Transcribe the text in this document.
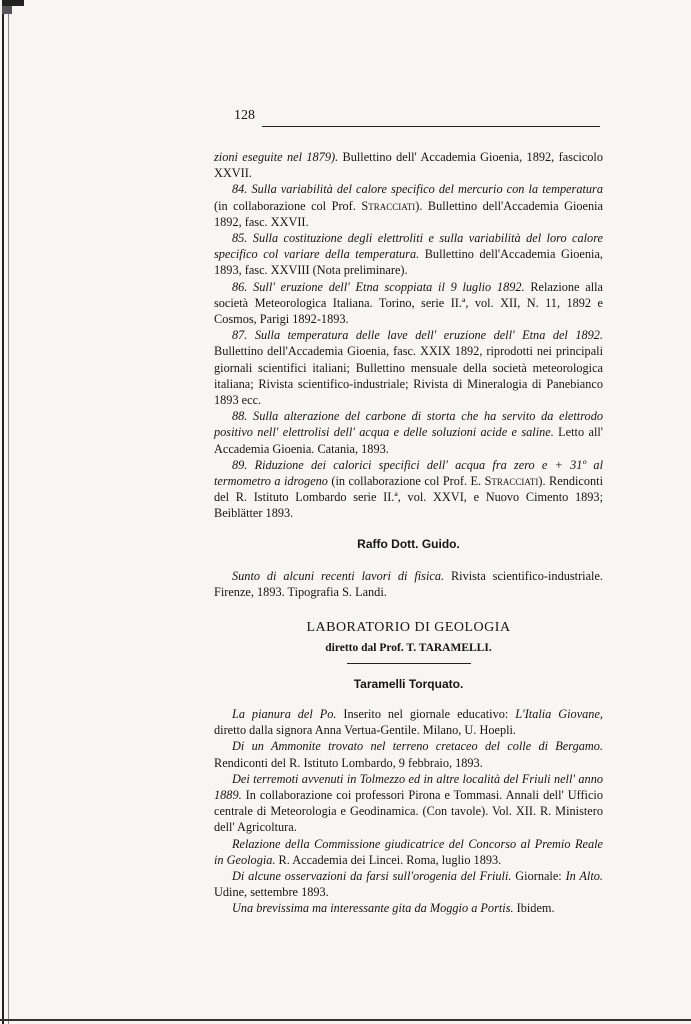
128

zioni eseguite nel 1879). Bullettino dell' Accademia Gioenia, 1892, fascicolo XXVII.

84. Sulla variabilità del calore specifico del mercurio con la temperatura (in collaborazione col Prof. Stracciati). Bullettino dell'Accademia Gioenia 1892, fasc. XXVII.

85. Sulla costituzione degli elettroliti e sulla variabilità del loro calore specifico col variare della temperatura. Bullettino dell'Accademia Gioenia, 1893, fasc. XXVIII (Nota preliminare).

86. Sull' eruzione dell' Etna scoppiata il 9 luglio 1892. Relazione alla società Meteorologica Italiana. Torino, serie II.ª, vol. XII, N. 11, 1892 e Cosmos, Parigi 1892-1893.

87. Sulla temperatura delle lave dell' eruzione dell' Etna del 1892. Bullettino dell'Accademia Gioenia, fasc. XXIX 1892, riprodotti nei principali giornali scientifici italiani; Bullettino mensuale della società meteorologica italiana; Rivista scientifico-industriale; Rivista di Mineralogia di Panebianco 1893 ecc.

88. Sulla alterazione del carbone di storta che ha servito da elettrodo positivo nell' elettrolisi dell' acqua e delle soluzioni acide e saline. Letto all' Accademia Gioenia. Catania, 1893.

89. Riduzione dei calorici specifici dell' acqua fra zero e + 31º al termometro a idrogeno (in collaborazione col Prof. E. Stracciati). Rendiconti del R. Istituto Lombardo serie II.ª, vol. XXVI, e Nuovo Cimento 1893; Beiblätter 1893.

Raffo Dott. Guido.

Sunto di alcuni recenti lavori di fisica. Rivista scientifico-industriale. Firenze, 1893. Tipografia S. Landi.

LABORATORIO DI GEOLOGIA
diretto dal Prof. T. TARAMELLI.
Taramelli Torquato.

La pianura del Po. Inserito nel giornale educativo: L'Italia Giovane, diretto dalla signora Anna Vertua-Gentile. Milano, U. Hoepli.

Di un Ammonite trovato nel terreno cretaceo del colle di Bergamo. Rendiconti del R. Istituto Lombardo, 9 febbraio, 1893.

Dei terremoti avvenuti in Tolmezzo ed in altre località del Friuli nell' anno 1889. In collaborazione coi professori Pirona e Tommasi. Annali dell' Ufficio centrale di Meteorologia e Geodinamica. (Con tavole). Vol. XII. R. Ministero dell' Agricoltura.

Relazione della Commissione giudicatrice del Concorso al Premio Reale in Geologia. R. Accademia dei Lincei. Roma, luglio 1893.

Di alcune osservazioni da farsi sull'orogenia del Friuli. Giornale: In Alto. Udine, settembre 1893.

Una brevissima ma interessante gita da Moggio a Portis. Ibidem.
